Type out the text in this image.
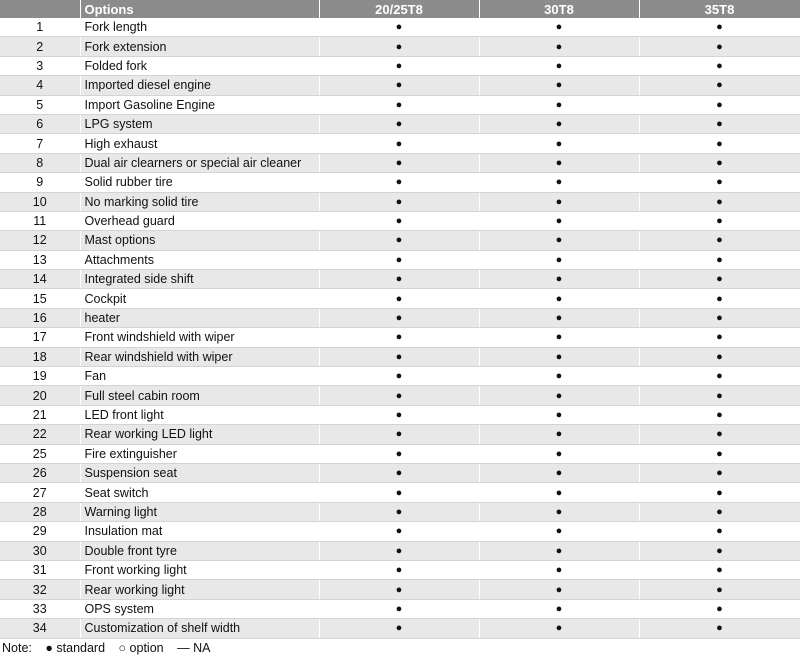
	Options	20/25T8	30T8	35T8
1	Fork length	●	●	●
2	Fork extension	●	●	●
3	Folded fork	●	●	●
4	Imported diesel engine	●	●	●
5	Import Gasoline Engine	●	●	●
6	LPG system	●	●	●
7	High exhaust	●	●	●
8	Dual air clearners or special air cleaner	●	●	●
9	Solid rubber tire	●	●	●
10	No marking solid tire	●	●	●
11	Overhead guard	●	●	●
12	Mast options	●	●	●
13	Attachments	●	●	●
14	Integrated side shift	●	●	●
15	Cockpit	●	●	●
16	heater	●	●	●
17	Front windshield with wiper	●	●	●
18	Rear windshield with wiper	●	●	●
19	Fan	●	●	●
20	Full steel cabin room	●	●	●
21	LED front light	●	●	●
22	Rear working LED light	●	●	●
25	Fire extinguisher	●	●	●
26	Suspension seat	●	●	●
27	Seat switch	●	●	●
28	Warning light	●	●	●
29	Insulation mat	●	●	●
30	Double front tyre	●	●	●
31	Front working light	●	●	●
32	Rear working light	●	●	●
33	OPS system	●	●	●
34	Customization of shelf width	●	●	●
Note: ● standard ○ option — NA
